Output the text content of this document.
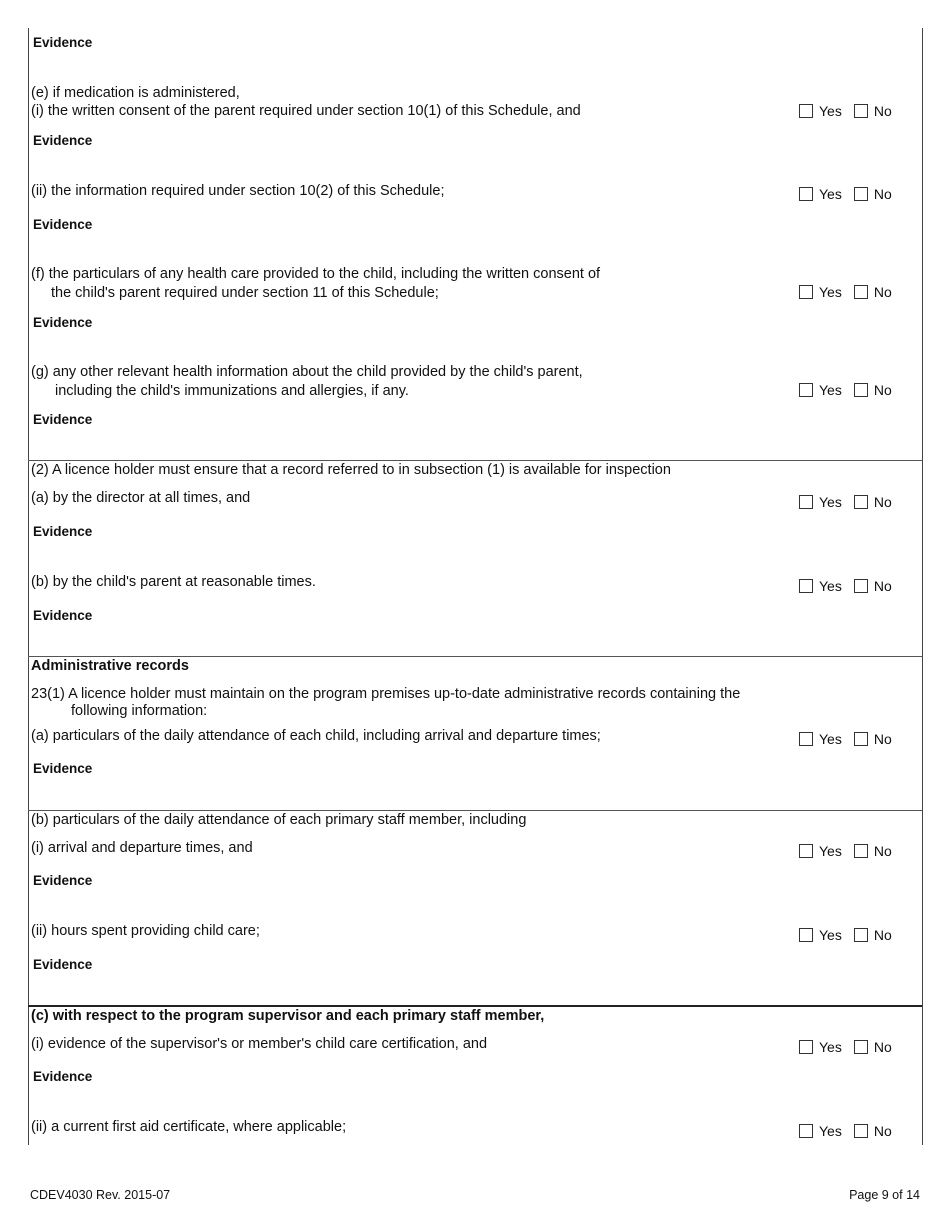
Evidence
(e) if medication is administered,
(i) the written consent of the parent required under section 10(1) of this Schedule, and	Yes No
Evidence
(ii) the information required under section 10(2) of this Schedule;	Yes No
Evidence
(f) the particulars of any health care provided to the child, including the written consent of
the child's parent required under section 11 of this Schedule;	Yes No
Evidence
(g) any other relevant health information about the child provided by the child's parent,
including the child's immunizations and allergies, if any.	Yes No
Evidence
(2) A licence holder must ensure that a record referred to in subsection (1) is available for inspection
(a) by the director at all times, and	Yes No
Evidence
(b) by the child's parent at reasonable times.	Yes No
Evidence
Administrative records
23(1) A licence holder must maintain on the program premises up-to-date administrative records containing the
following information:
(a) particulars of the daily attendance of each child, including arrival and departure times;	Yes No
Evidence
(b) particulars of the daily attendance of each primary staff member, including
(i) arrival and departure times, and	Yes No
Evidence
(ii) hours spent providing child care;	Yes No
Evidence
(c) with respect to the program supervisor and each primary staff member,
(i) evidence of the supervisor's or member's child care certification, and	Yes No
Evidence
(ii) a current first aid certificate, where applicable;	Yes No
CDEV4030 Rev. 2015-07	Page 9 of 14
